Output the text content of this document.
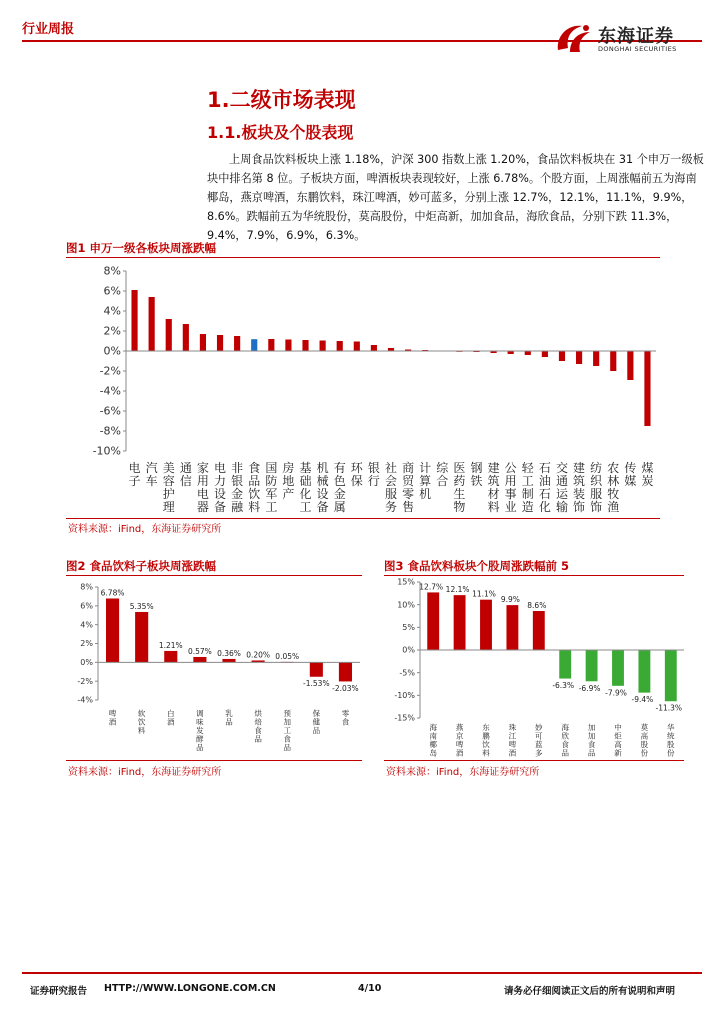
行业周报	东海证券
DONGHAI SECURITIES
1.二级市场表现
1.1.板块及个股表现

上周食品饮料板块上涨 1.18%，沪深 300 指数上涨 1.20%，食品饮料板块在 31 个申万一级板块中排名第 8 位。子板块方面，啤酒板块表现较好，上涨 6.78%。个股方面，上周涨幅前五为海南椰岛，燕京啤酒，东鹏饮料，珠江啤酒，妙可蓝多，分别上涨 12.7%，12.1%，11.1%，9.9%，8.6%。跌幅前五为华统股份，莫高股份，中炬高新，加加食品，海欣食品，分别下跌 11.3%，9.4%，7.9%，6.9%，6.3%。

图1 申万一级各板块周涨跌幅
8%
6%
4%
2%
0%
-2%
-4%
-6%
-8%
-10%
电
子
汽
车
美
容
护
理
通
信
家
用
电
器
电
力
设
备
非
银
金
融
食
品
饮
料
国
防
军
工
房
地
产
基
础
化
工
机
械
设
备
有
色
金
属
环
保
银
行
社
会
服
务
商
贸
零
售
计
算
机
综
合
医
药
生
物
钢
铁
建
筑
材
料
公
用
事
业
轻
工
制
造
石
油
石
化
交
通
运
输
建
筑
装
饰
纺
织
服
饰
农
林
牧
渔
传
媒
煤
炭
资料来源：iFind，东海证券研究所
图2 食品饮料子板块周涨跌幅
8%
6%
4%
2%
0%
-2%
-4%
6.78%
啤
酒
5.35%
软
饮
料
1.21%
白
酒
0.57%
调
味
发
酵
品
0.36%
乳
品
0.20%
烘
焙
食
品
0.05%
预
加
工
食
品
-1.53%
保
健
品
-2.03%
零
食
资料来源：iFind，东海证券研究所
图3 食品饮料板块个股周涨跌幅前 5
15%
10%
5%
0%
-5%
-10%
-15%
12.7%
海
南
椰
岛
12.1%
燕
京
啤
酒
11.1%
东
鹏
饮
料
9.9%
珠
江
啤
酒
8.6%
妙
可
蓝
多
-6.3%
海
欣
食
品
-6.9%
加
加
食
品
-7.9%
中
炬
高
新
-9.4%
莫
高
股
份
-11.3%
华
统
股
份
资料来源：iFind，东海证券研究所
证券研究报告 HTTP://WWW.LONGONE.COM.CN	4/10	请务必仔细阅读正文后的所有说明和声明
